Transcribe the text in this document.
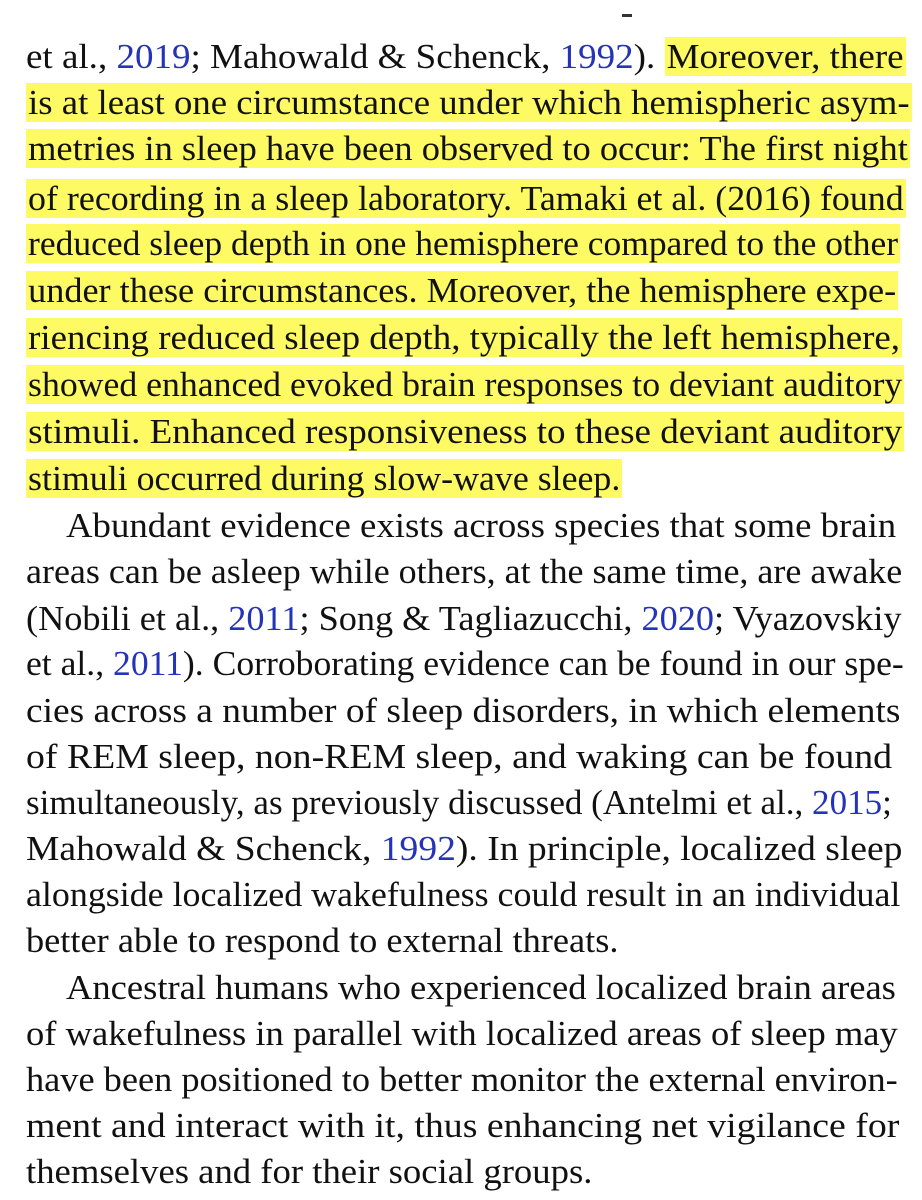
et al., 2019; Mahowald & Schenck, 1992). Moreover, there
is at least one circumstance under which hemispheric asym-
metries in sleep have been observed to occur: The first night
of recording in a sleep laboratory. Tamaki et al. (2016) found
reduced sleep depth in one hemisphere compared to the other
under these circumstances. Moreover, the hemisphere expe-
riencing reduced sleep depth, typically the left hemisphere,
showed enhanced evoked brain responses to deviant auditory
stimuli. Enhanced responsiveness to these deviant auditory
stimuli occurred during slow-wave sleep.
Abundant evidence exists across species that some brain
areas can be asleep while others, at the same time, are awake
(Nobili et al., 2011; Song & Tagliazucchi, 2020; Vyazovskiy
et al., 2011). Corroborating evidence can be found in our spe-
cies across a number of sleep disorders, in which elements
of REM sleep, non-REM sleep, and waking can be found
simultaneously, as previously discussed (Antelmi et al., 2015;
Mahowald & Schenck, 1992). In principle, localized sleep
alongside localized wakefulness could result in an individual
better able to respond to external threats.
Ancestral humans who experienced localized brain areas
of wakefulness in parallel with localized areas of sleep may
have been positioned to better monitor the external environ-
ment and interact with it, thus enhancing net vigilance for
themselves and for their social groups.
